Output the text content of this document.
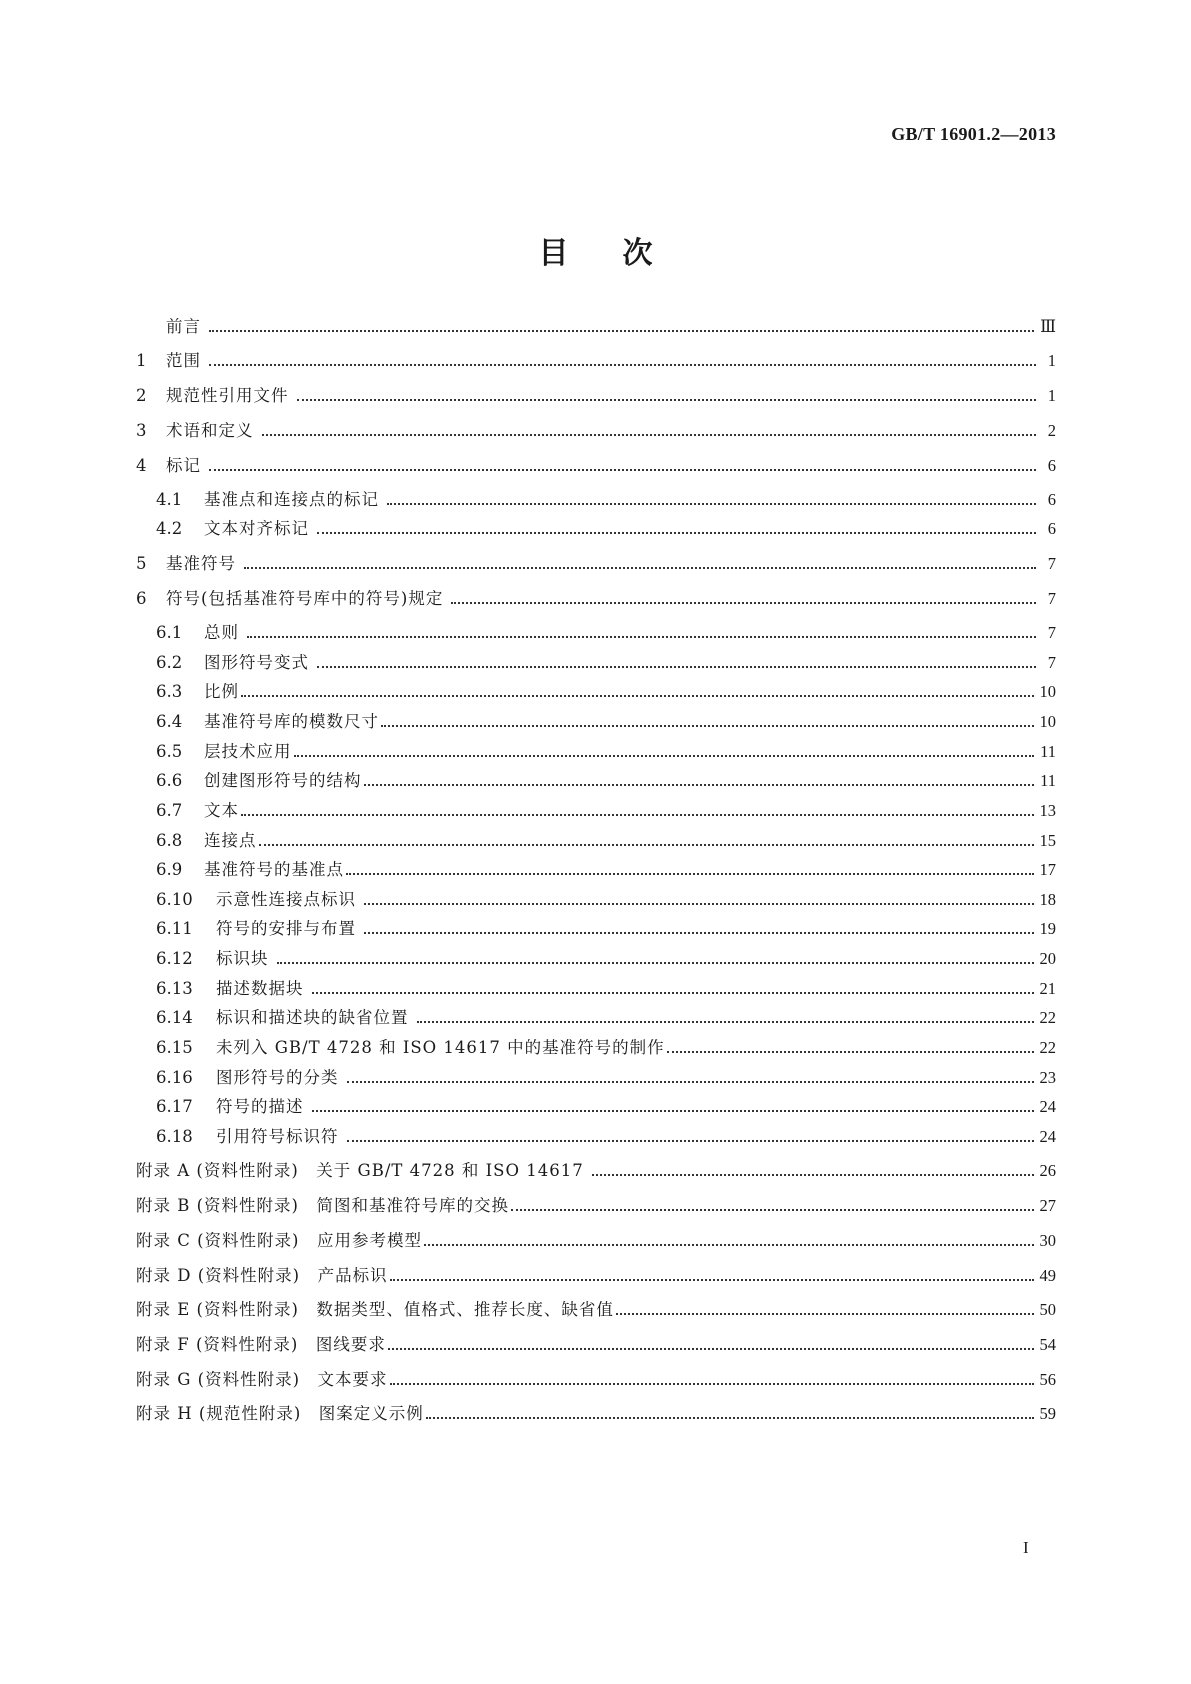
GB/T 16901.2—2013
目次
前言	Ⅲ
1	范围	1
2	规范性引用文件	1
3	术语和定义	2
4	标记	6
4.1	基准点和连接点的标记	6
4.2	文本对齐标记	6
5	基准符号	7
6	符号(包括基准符号库中的符号)规定	7
6.1	总则	7
6.2	图形符号变式	7
6.3	比例	10
6.4	基准符号库的模数尺寸	10
6.5	层技术应用	11
6.6	创建图形符号的结构	11
6.7	文本	13
6.8	连接点	15
6.9	基准符号的基准点	17
6.10	示意性连接点标识	18
6.11	符号的安排与布置	19
6.12	标识块	20
6.13	描述数据块	21
6.14	标识和描述块的缺省位置	22
6.15	未列入 GB/T 4728 和 ISO 14617 中的基准符号的制作	22
6.16	图形符号的分类	23
6.17	符号的描述	24
6.18	引用符号标识符	24
附录 A (资料性附录)　关于 GB/T 4728 和 ISO 14617	26
附录 B (资料性附录)　简图和基准符号库的交换	27
附录 C (资料性附录)　应用参考模型	30
附录 D (资料性附录)　产品标识	49
附录 E (资料性附录)　数据类型、值格式、推荐长度、缺省值	50
附录 F (资料性附录)　图线要求	54
附录 G (资料性附录)　文本要求	56
附录 H (规范性附录)　图案定义示例	59
I
